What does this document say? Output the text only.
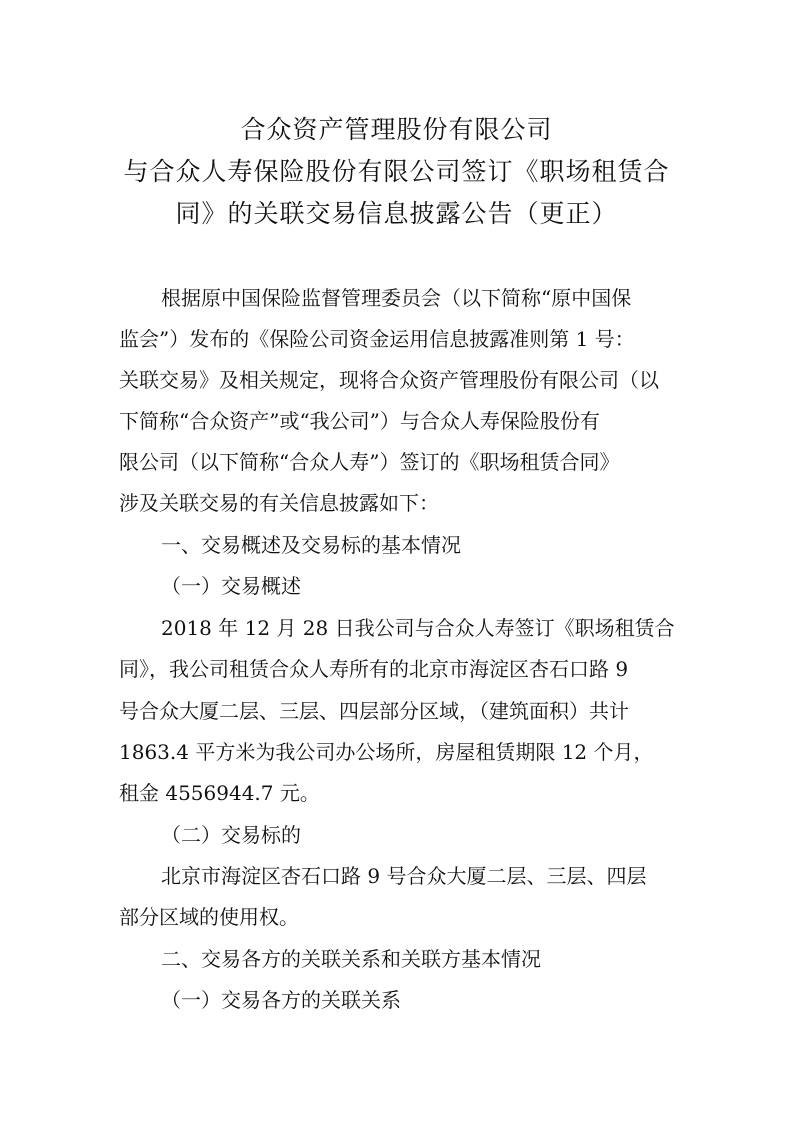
合众资产管理股份有限公司
与合众人寿保险股份有限公司签订《职场租赁合
同》的关联交易信息披露公告（更正）
根据原中国保险监督管理委员会（以下简称“原中国保
监会”）发布的《保险公司资金运用信息披露准则第 1 号：
关联交易》及相关规定，现将合众资产管理股份有限公司（以
下简称“合众资产”或“我公司”）与合众人寿保险股份有
限公司（以下简称“合众人寿”）签订的《职场租赁合同》
涉及关联交易的有关信息披露如下：
一、交易概述及交易标的基本情况
（一）交易概述
2018 年 12 月 28 日我公司与合众人寿签订《职场租赁合
同》，我公司租赁合众人寿所有的北京市海淀区杏石口路 9
号合众大厦二层、三层、四层部分区域，（建筑面积）共计
1863.4 平方米为我公司办公场所，房屋租赁期限 12 个月，
租金 4556944.7 元。
（二）交易标的
北京市海淀区杏石口路 9 号合众大厦二层、三层、四层
部分区域的使用权。
二、交易各方的关联关系和关联方基本情况
（一）交易各方的关联关系
